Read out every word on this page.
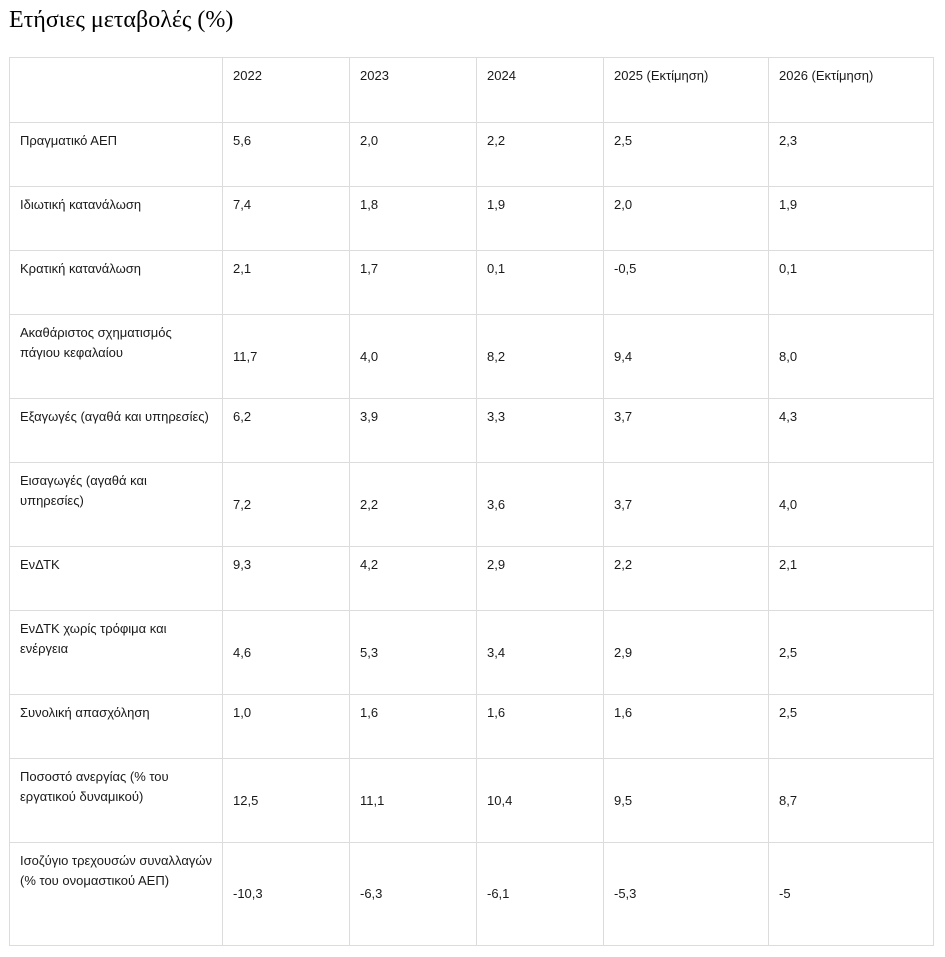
Ετήσιες μεταβολές (%)
	2022	2023	2024	2025 (Εκτίμηση)	2026 (Εκτίμηση)
Πραγματικό ΑΕΠ	5,6	2,0	2,2	2,5	2,3
Ιδιωτική κατανάλωση	7,4	1,8	1,9	2,0	1,9
Κρατική κατανάλωση	2,1	1,7	0,1	-0,5	0,1
Ακαθάριστος σχηματισμός πάγιου κεφαλαίου	11,7	4,0	8,2	9,4	8,0
Εξαγωγές (αγαθά και υπηρεσίες)	6,2	3,9	3,3	3,7	4,3
Εισαγωγές (αγαθά και υπηρεσίες)	7,2	2,2	3,6	3,7	4,0
ΕνΔΤΚ	9,3	4,2	2,9	2,2	2,1
ΕνΔΤΚ χωρίς τρόφιμα και ενέργεια	4,6	5,3	3,4	2,9	2,5
Συνολική απασχόληση	1,0	1,6	1,6	1,6	2,5
Ποσοστό ανεργίας (% του εργατικού δυναμικού)	12,5	11,1	10,4	9,5	8,7
Ισοζύγιο τρεχουσών συναλλαγών (% του ονομαστικού ΑΕΠ)	-10,3	-6,3	-6,1	-5,3	-5
